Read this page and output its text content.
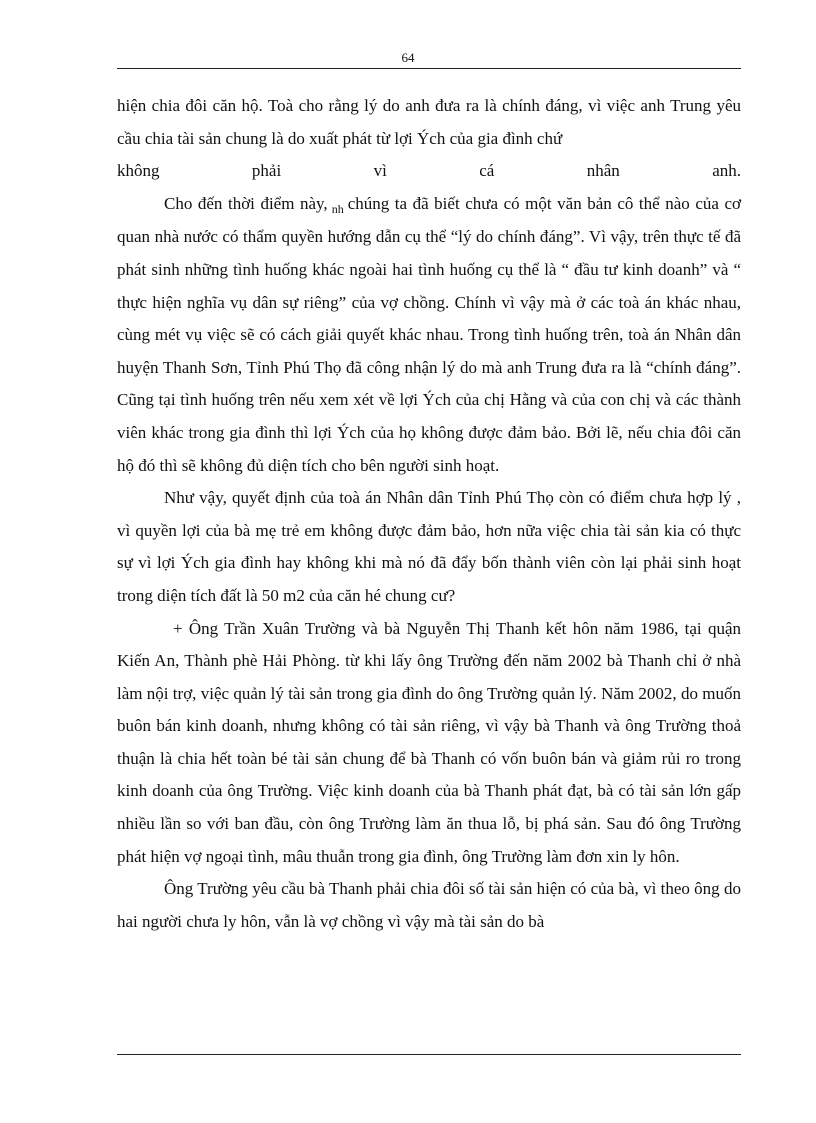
64

hiện chia đôi căn hộ. Toà cho rằng lý do anh đưa ra là chính đáng, vì việc anh Trung yêu cầu chia tài sản chung là do xuất phát từ lợi Ých của gia đình chứ

không phải vì cá nhân anh.

Cho đến thời điểm này, $_{nh}$ chúng ta đã biết chưa có một văn bản cô thể nào của cơ quan nhà nước có thẩm quyền hướng dẫn cụ thể “lý do chính đáng”. Vì vậy, trên thực tế đã phát sinh những tình huống khác ngoài hai tình huống cụ thể là “ đầu tư kinh doanh” và “ thực hiện nghĩa vụ dân sự riêng” của vợ chồng. Chính vì vậy mà ở các toà án khác nhau, cùng mét vụ việc sẽ có cách giải quyết khác nhau. Trong tình huống trên, toà án Nhân dân huyện Thanh Sơn, Tỉnh Phú Thọ đã công nhận lý do mà anh Trung đưa ra là “chính đáng”. Cũng tại tình huống trên nếu xem xét về lợi Ých của chị Hằng và của con chị và các thành viên khác trong gia đình thì lợi Ých của họ không được đảm bảo. Bởi lẽ, nếu chia đôi căn hộ đó thì sẽ không đủ diện tích cho bên người sinh hoạt.

Như vậy, quyết định của toà án Nhân dân Tỉnh Phú Thọ còn có điểm chưa hợp lý , vì quyền lợi của bà mẹ trẻ em không được đảm bảo, hơn nữa việc chia tài sản kia có thực sự vì lợi Ých gia đình hay không khi mà nó đã đẩy bốn thành viên còn lại phải sinh hoạt trong diện tích đất là 50 m2 của căn hé chung cư?

+ Ông Trần Xuân Trường và bà Nguyễn Thị Thanh kết hôn năm 1986, tại quận Kiến An, Thành phè Hải Phòng. từ khi lấy ông Trường đến năm 2002 bà Thanh chỉ ở nhà làm nội trợ, việc quản lý tài sản trong gia đình do ông Trường quản lý. Năm 2002, do muốn buôn bán kinh doanh, nhưng không có tài sản riêng, vì vậy bà Thanh và ông Trường thoả thuận là chia hết toàn bé tài sản chung để bà Thanh có vốn buôn bán và giảm rủi ro trong kinh doanh của ông Trường. Việc kinh doanh của bà Thanh phát đạt, bà có tài sản lớn gấp nhiều lần so với ban đầu, còn ông Trường làm ăn thua lỗ, bị phá sản. Sau đó ông Trường phát hiện vợ ngoại tình, mâu thuẫn trong gia đình, ông Trường làm đơn xin ly hôn.

Ông Trường yêu cầu bà Thanh phải chia đôi số tài sản hiện có của bà, vì theo ông do hai người chưa ly hôn, vẫn là vợ chồng vì vậy mà tài sản do bà
